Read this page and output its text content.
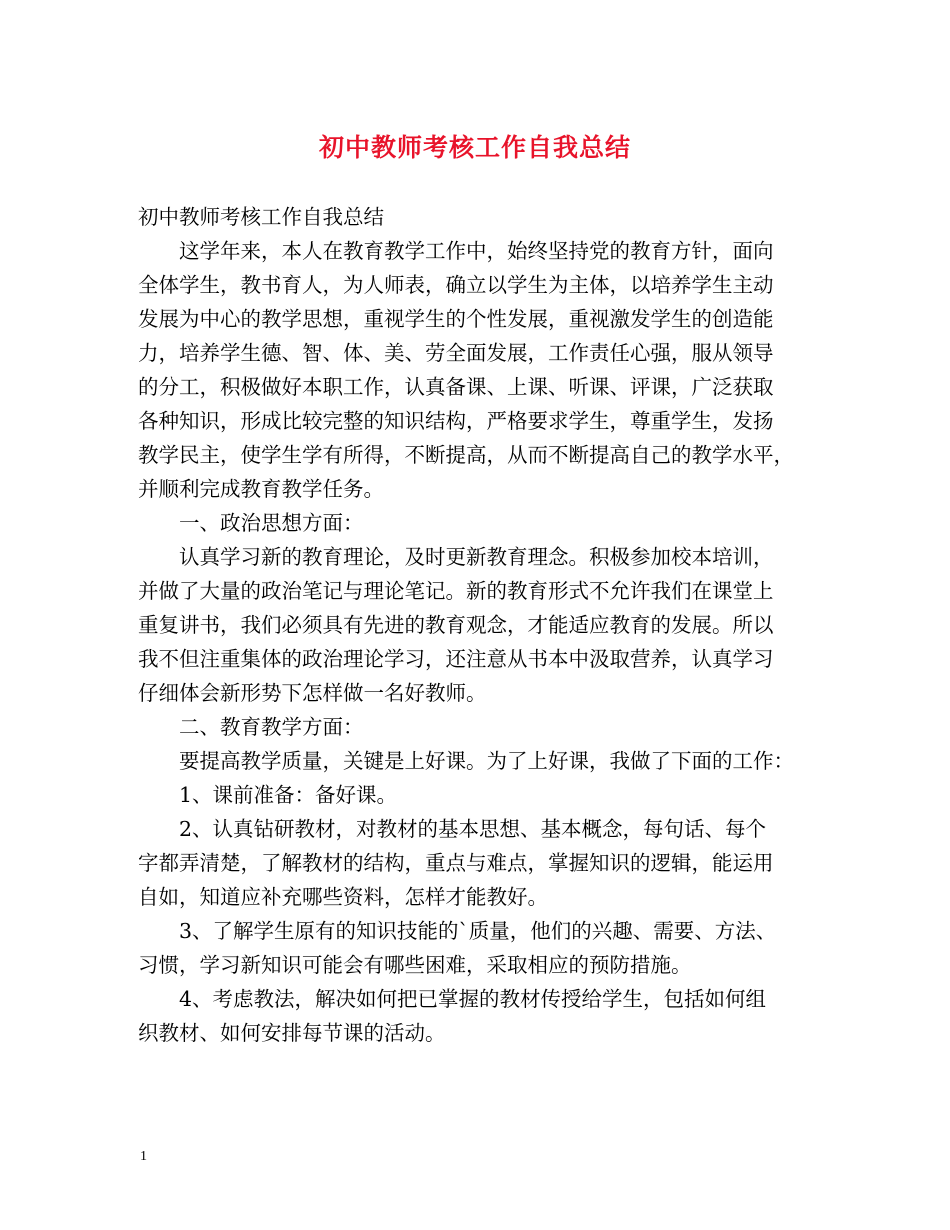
初中教师考核工作自我总结
初中教师考核工作自我总结
这学年来，本人在教育教学工作中，始终坚持党的教育方针，面向
全体学生，教书育人，为人师表，确立以学生为主体，以培养学生主动
发展为中心的教学思想，重视学生的个性发展，重视激发学生的创造能
力，培养学生德、智、体、美、劳全面发展，工作责任心强，服从领导
的分工，积极做好本职工作，认真备课、上课、听课、评课，广泛获取
各种知识，形成比较完整的知识结构，严格要求学生，尊重学生，发扬
教学民主，使学生学有所得，不断提高，从而不断提高自己的教学水平，
并顺利完成教育教学任务。
一、政治思想方面：
认真学习新的教育理论，及时更新教育理念。积极参加校本培训，
并做了大量的政治笔记与理论笔记。新的教育形式不允许我们在课堂上
重复讲书，我们必须具有先进的教育观念，才能适应教育的发展。所以
我不但注重集体的政治理论学习，还注意从书本中汲取营养，认真学习
仔细体会新形势下怎样做一名好教师。
二、教育教学方面：
要提高教学质量，关键是上好课。为了上好课，我做了下面的工作：
1、课前准备：备好课。
2、认真钻研教材，对教材的基本思想、基本概念，每句话、每个
字都弄清楚，了解教材的结构，重点与难点，掌握知识的逻辑，能运用
自如，知道应补充哪些资料，怎样才能教好。
3、了解学生原有的知识技能的`质量，他们的兴趣、需要、方法、
习惯，学习新知识可能会有哪些困难，采取相应的预防措施。
4、考虑教法，解决如何把已掌握的教材传授给学生，包括如何组
织教材、如何安排每节课的活动。
1
